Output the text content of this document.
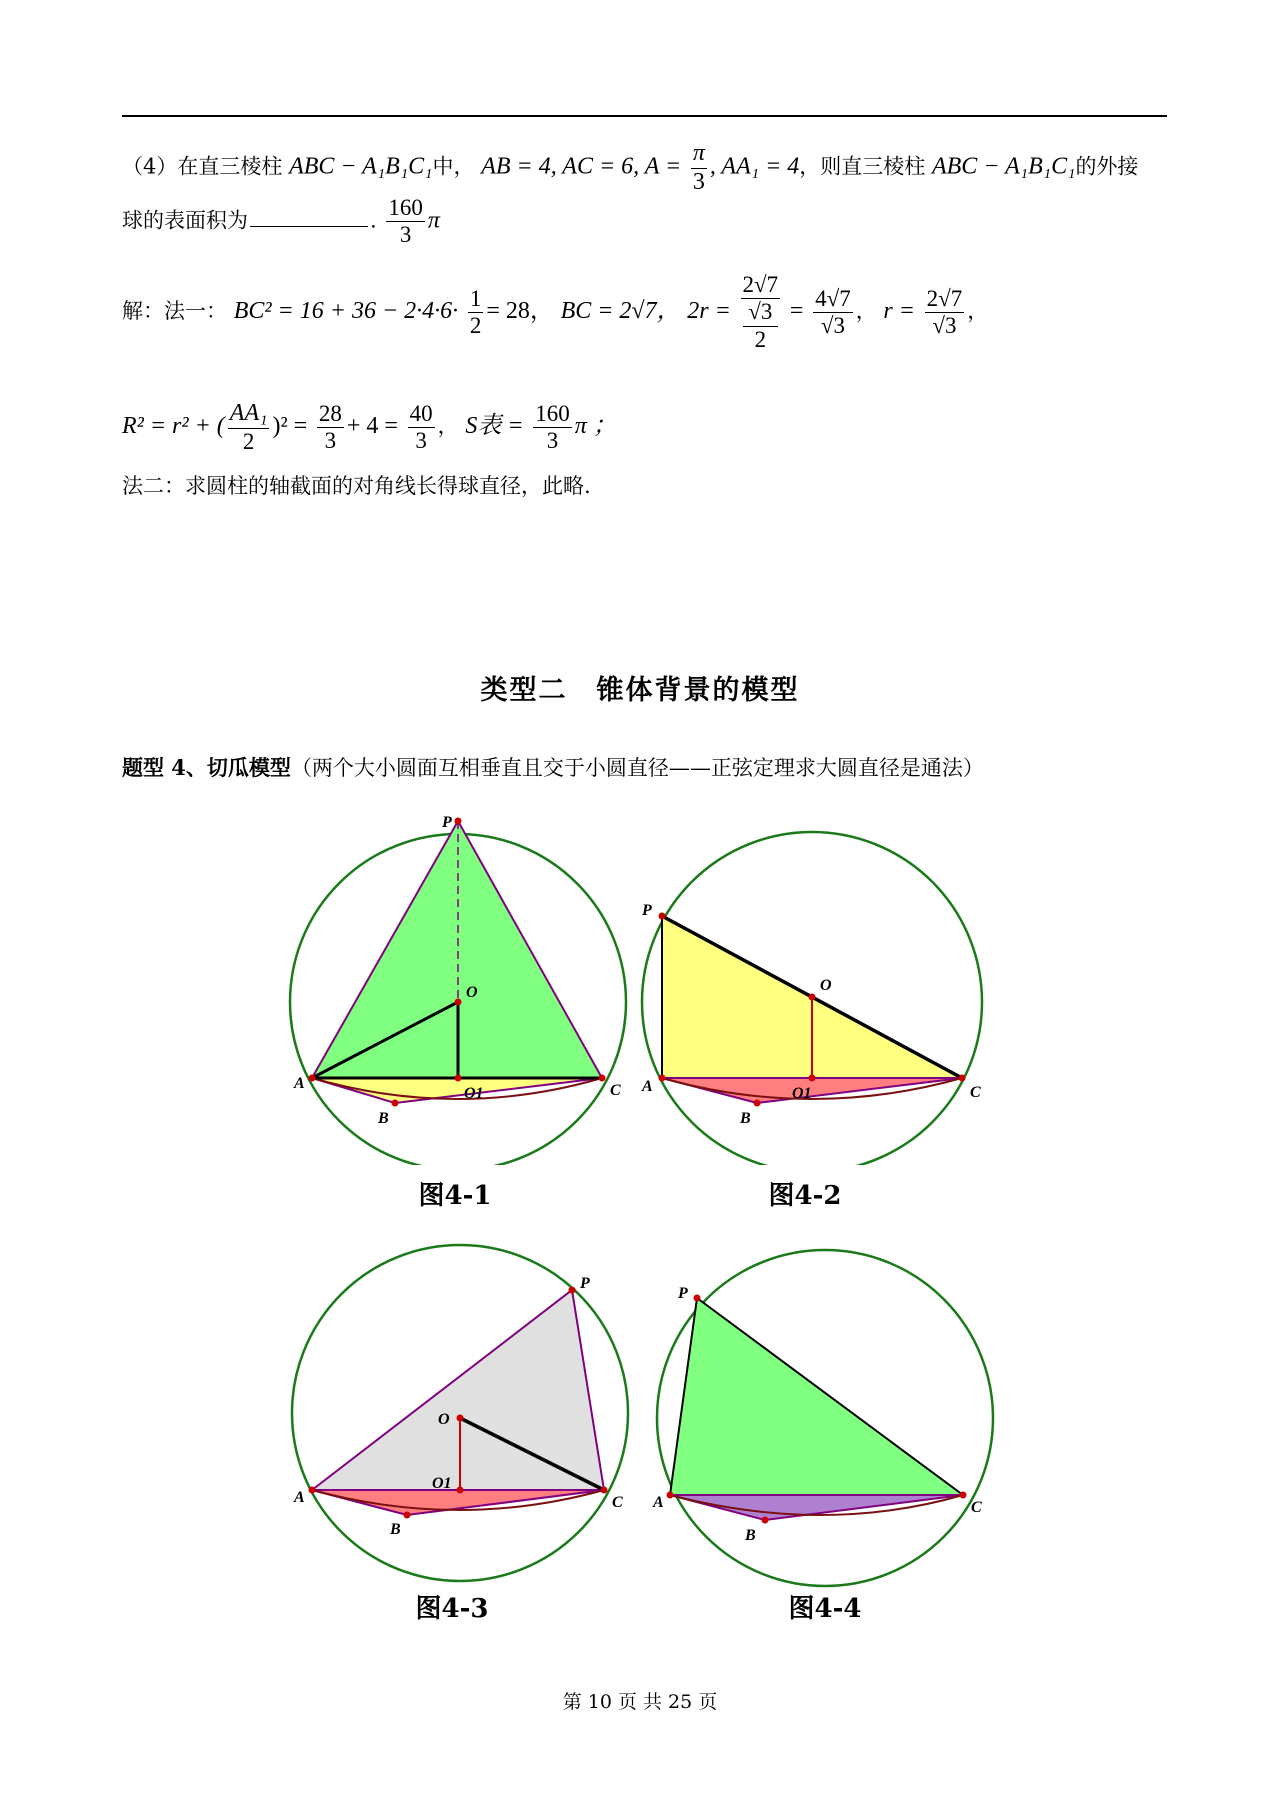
（4）在直三棱柱 ABC − A₁B₁C₁中， AB = 4, AC = 6, $A = \frac{\pi}{3}$ , AA₁ = 4，则直三棱柱 ABC − A₁B₁C₁的外接
球的表面积为	. $\frac{160}{3}$ π
解：法一： $BC^2 = 16 + 36 - 2\cdot 4\cdot 6\cdot \frac{1}{2} = 28$， BC = 2√7， 2r = 2√7
√3
$2 = \frac{4√7}{√3}$ ， $r = \frac{2√7}{√3}$ ，
R² = r² + ( $\frac{\text{AA₁}}{2} )^2 = \frac{28}{3} + 4 = \frac{40}{3}$ ， S表 = $\frac{160}{3}$ π ；
法二：求圆柱的轴截面的对角线长得球直径，此略.
类型二　锥体背景的模型
题型 4、切瓜模型（两个大小圆面互相垂直且交于小圆直径——正弦定理求大圆直径是通法）
P
O
O1
A
B
C
图4-1
P
O
O1
A
B
C
图4-2
P
O
O1
A
B
C
图4-3
P
A
B
C
图4-4
第 10 页 共 25 页
